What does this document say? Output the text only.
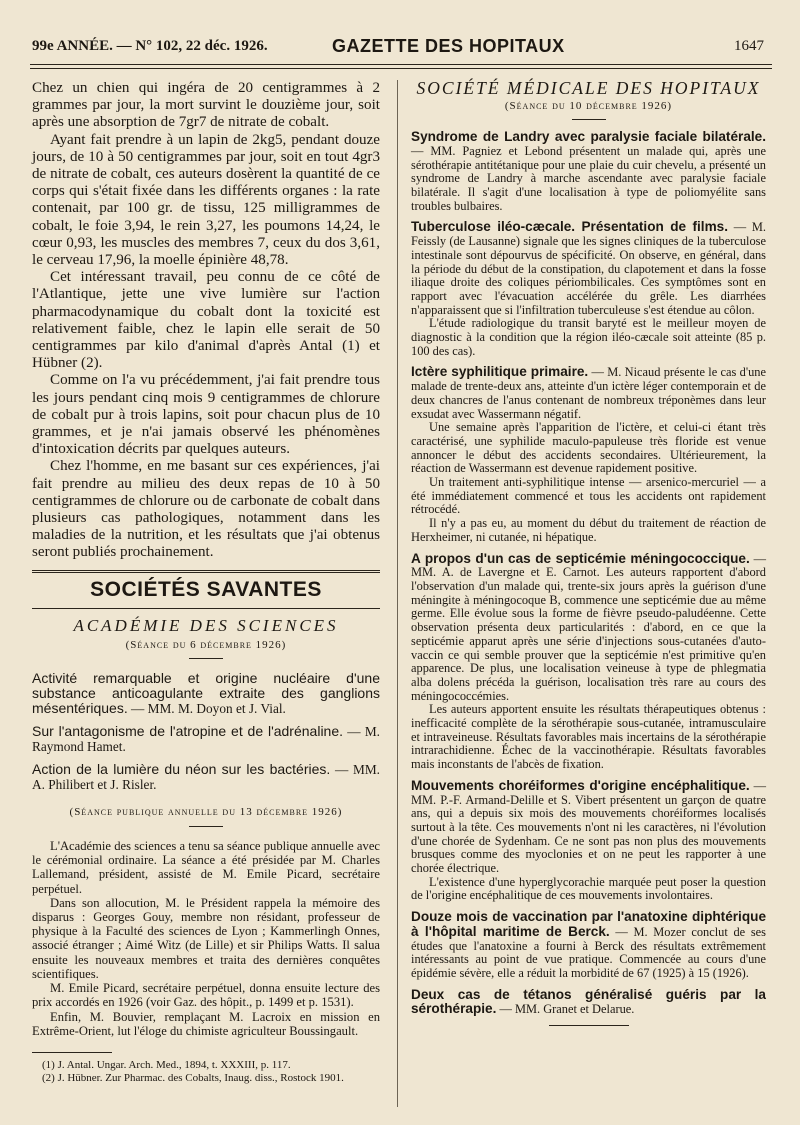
99e ANNÉE. — N° 102, 22 déc. 1926.	GAZETTE DES HOPITAUX	1647

Chez un chien qui ingéra de 20 centigrammes à 2 grammes par jour, la mort survint le douzième jour, soit après une absorption de 7gr7 de nitrate de cobalt.

Ayant fait prendre à un lapin de 2kg5, pendant douze jours, de 10 à 50 centigrammes par jour, soit en tout 4gr3 de nitrate de cobalt, ces auteurs dosèrent la quantité de ce corps qui s'était fixée dans les différents organes : la rate contenait, par 100 gr. de tissu, 125 milligrammes de cobalt, le foie 3,94, le rein 3,27, les poumons 14,24, le cœur 0,93, les muscles des membres 7, ceux du dos 3,61, le cerveau 17,96, la moelle épinière 48,78.

Cet intéressant travail, peu connu de ce côté de l'Atlantique, jette une vive lumière sur l'action pharmacodynamique du cobalt dont la toxicité est relativement faible, chez le lapin elle serait de 50 centigrammes par kilo d'animal d'après Antal (1) et Hübner (2).

Comme on l'a vu précédemment, j'ai fait prendre tous les jours pendant cinq mois 9 centigrammes de chlorure de cobalt pur à trois lapins, soit pour chacun plus de 10 grammes, et je n'ai jamais observé les phénomènes d'intoxication décrits par quelques auteurs.

Chez l'homme, en me basant sur ces expériences, j'ai fait prendre au milieu des deux repas de 10 à 50 centigrammes de chlorure ou de carbonate de cobalt dans plusieurs cas pathologiques, notamment dans les maladies de la nutrition, et les résultats que j'ai obtenus seront publiés prochainement.

SOCIÉTÉS SAVANTES
ACADÉMIE DES SCIENCES
(Séance du 6 décembre 1926)
Activité remarquable et origine nucléaire d'une substance anticoagulante extraite des ganglions mésentériques. — MM. M. Doyon et J. Vial.
Sur l'antagonisme de l'atropine et de l'adrénaline. — M. Raymond Hamet.
Action de la lumière du néon sur les bactéries. — MM. A. Philibert et J. Risler.
(Séance publique annuelle du 13 décembre 1926)

L'Académie des sciences a tenu sa séance publique annuelle avec le cérémonial ordinaire. La séance a été présidée par M. Charles Lallemand, président, assisté de M. Emile Picard, secrétaire perpétuel.

Dans son allocution, M. le Président rappela la mémoire des disparus : Georges Gouy, membre non résidant, professeur de physique à la Faculté des sciences de Lyon ; Kammerlingh Onnes, associé étranger ; Aimé Witz (de Lille) et sir Philips Watts. Il salua ensuite les nouveaux membres et traita des dernières conquêtes scientifiques.

M. Emile Picard, secrétaire perpétuel, donna ensuite lecture des prix accordés en 1926 (voir Gaz. des hôpit., p. 1499 et p. 1531).

Enfin, M. Bouvier, remplaçant M. Lacroix en mission en Extrême-Orient, lut l'éloge du chimiste agriculteur Boussingault.

(1) J. Antal. Ungar. Arch. Med., 1894, t. XXXIII, p. 117.
(2) J. Hübner. Zur Pharmac. des Cobalts, Inaug. diss., Rostock 1901.
SOCIÉTÉ MÉDICALE DES HOPITAUX
(Séance du 10 décembre 1926)

Syndrome de Landry avec paralysie faciale bilatérale. — MM. Pagniez et Lebond présentent un malade qui, après une sérothérapie antitétanique pour une plaie du cuir chevelu, a présenté un syndrome de Landry à marche ascendante avec paralysie faciale bilatérale. Il s'agit d'une localisation à type de poliomyélite sans troubles bulbaires.

Tuberculose iléo-cæcale. Présentation de films. — M. Feissly (de Lausanne) signale que les signes cliniques de la tuberculose intestinale sont dépourvus de spécificité. On observe, en général, dans la période du début de la constipation, du clapotement et dans la fosse iliaque droite des coliques périombilicales. Ces symptômes sont en rapport avec l'évacuation accélérée du grêle. Les diarrhées n'apparaissent que si l'infiltration tuberculeuse s'est étendue au côlon.

L'étude radiologique du transit baryté est le meilleur moyen de diagnostic à la condition que la région iléo-cæcale soit atteinte (85 p. 100 des cas).

Ictère syphilitique primaire. — M. Nicaud présente le cas d'une malade de trente-deux ans, atteinte d'un ictère léger contemporain et de deux chancres de l'anus contenant de nombreux tréponèmes dans leur exsudat avec Wassermann négatif.

Une semaine après l'apparition de l'ictère, et celui-ci étant très caractérisé, une syphilide maculo-papuleuse très floride est venue annoncer le début des accidents secondaires. Ultérieurement, la réaction de Wassermann est devenue rapidement positive.

Un traitement anti-syphilitique intense — arsenico-mercuriel — a été immédiatement commencé et tous les accidents ont rapidement rétrocédé.

Il n'y a pas eu, au moment du début du traitement de réaction de Herxheimer, ni cutanée, ni hépatique.

A propos d'un cas de septicémie méningococcique. — MM. A. de Lavergne et E. Carnot. Les auteurs rapportent d'abord l'observation d'un malade qui, trente-six jours après la guérison d'une méningite à méningocoque B, commence une septicémie due au même germe. Elle évolue sous la forme de fièvre pseudo-paludéenne. Cette observation présenta deux particularités : d'abord, en ce que la septicémie apparut après une série d'injections sous-cutanées d'auto-vaccin ce qui semble prouver que la septicémie n'est primitive qu'en apparence. De plus, une localisation veineuse à type de phlegmatia alba dolens précéda la guérison, localisation très rare au cours des méningococcémies.

Les auteurs apportent ensuite les résultats thérapeutiques obtenus : inefficacité complète de la sérothérapie sous-cutanée, intramusculaire et intraveineuse. Résultats favorables mais incertains de la sérothérapie intrarachidienne. Échec de la vaccinothérapie. Résultats favorables mais inconstants de l'abcès de fixation.

Mouvements choréiformes d'origine encéphalitique. — MM. P.-F. Armand-Delille et S. Vibert présentent un garçon de quatre ans, qui a depuis six mois des mouvements choréiformes localisés surtout à la tête. Ces mouvements n'ont ni les caractères, ni l'évolution d'une chorée de Sydenham. Ce ne sont pas non plus des mouvements brusques comme des myoclonies et on ne peut les rapporter à une chorée électrique.

L'existence d'une hyperglycorachie marquée peut poser la question de l'origine encéphalitique de ces mouvements involontaires.

Douze mois de vaccination par l'anatoxine diphtérique à l'hôpital maritime de Berck. — M. Mozer conclut de ses études que l'anatoxine a fourni à Berck des résultats extrêmement intéressants au point de vue pratique. Commencée au cours d'une épidémie sévère, elle a réduit la morbidité de 67 (1925) à 15 (1926).

Deux cas de tétanos généralisé guéris par la sérothérapie. — MM. Granet et Delarue.
